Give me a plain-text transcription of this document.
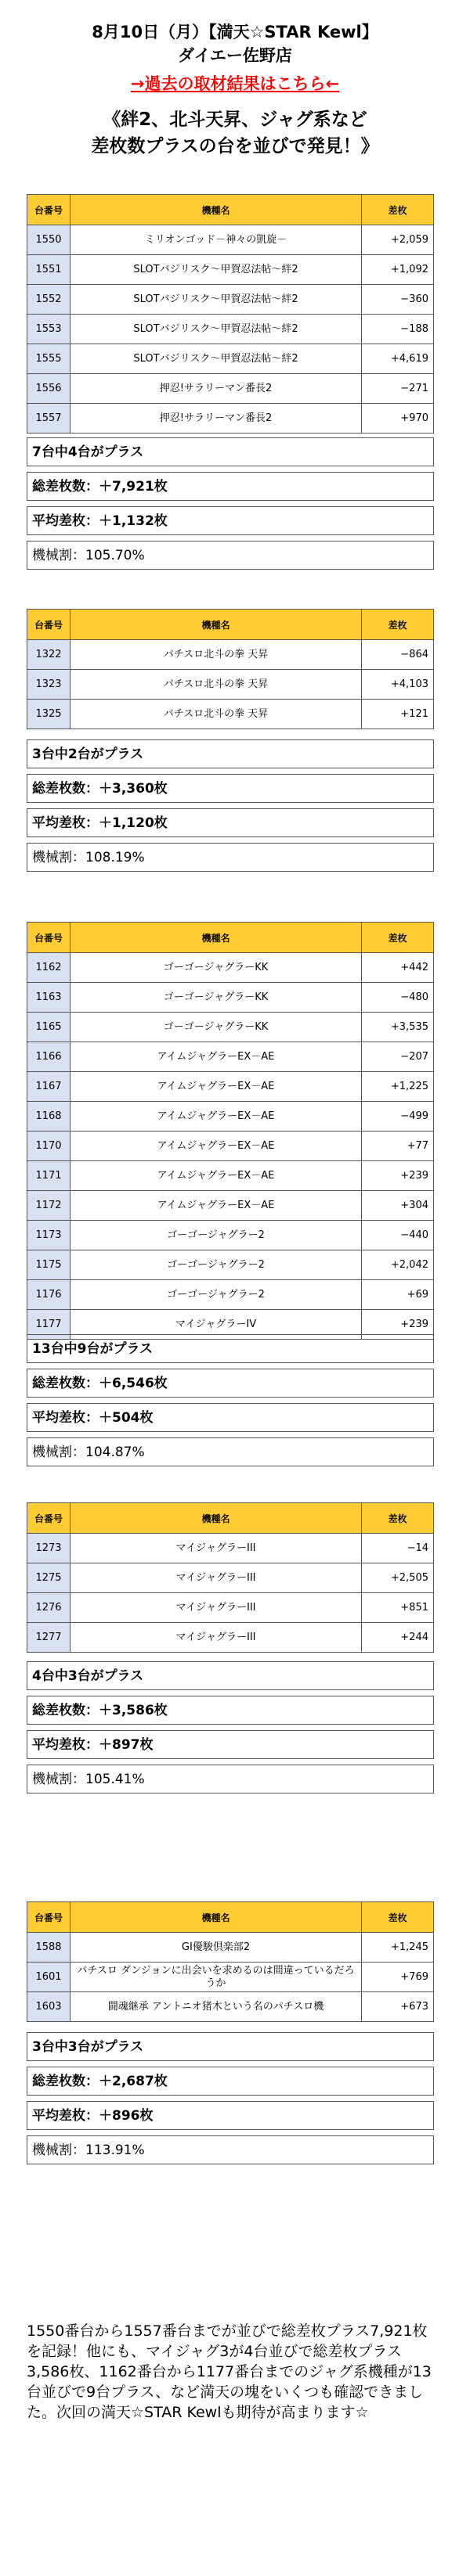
8月10日（月）【満天☆STAR Kewl】
ダイエー佐野店
→過去の取材結果はこちら←
《絆2、北斗天昇、ジャグ系など
差枚数プラスの台を並びで発見！》
台番号	機種名	差枚
1550	ミリオンゴッド－神々の凱旋－	+2,059
1551	SLOTバジリスク～甲賀忍法帖～絆2	+1,092
1552	SLOTバジリスク～甲賀忍法帖～絆2	−360
1553	SLOTバジリスク～甲賀忍法帖～絆2	−188
1555	SLOTバジリスク～甲賀忍法帖～絆2	+4,619
1556	押忍!サラリーマン番長2	−271
1557	押忍!サラリーマン番長2	+970
7台中4台がプラス
総差枚数：＋7,921枚
平均差枚：＋1,132枚
機械割：105.70%
台番号	機種名	差枚
1322	パチスロ北斗の拳 天昇	−864
1323	パチスロ北斗の拳 天昇	+4,103
1325	パチスロ北斗の拳 天昇	+121
3台中2台がプラス
総差枚数：＋3,360枚
平均差枚：＋1,120枚
機械割：108.19%
台番号	機種名	差枚
1162	ゴーゴージャグラーKK	+442
1163	ゴーゴージャグラーKK	−480
1165	ゴーゴージャグラーKK	+3,535
1166	アイムジャグラーEX－AE	−207
1167	アイムジャグラーEX－AE	+1,225
1168	アイムジャグラーEX－AE	−499
1170	アイムジャグラーEX－AE	+77
1171	アイムジャグラーEX－AE	+239
1172	アイムジャグラーEX－AE	+304
1173	ゴーゴージャグラー2	−440
1175	ゴーゴージャグラー2	+2,042
1176	ゴーゴージャグラー2	+69
1177	マイジャグラーIV	+239
13台中9台がプラス
総差枚数：＋6,546枚
平均差枚：＋504枚
機械割：104.87%
台番号	機種名	差枚
1273	マイジャグラーIII	−14
1275	マイジャグラーIII	+2,505
1276	マイジャグラーIII	+851
1277	マイジャグラーIII	+244
4台中3台がプラス
総差枚数：＋3,586枚
平均差枚：＋897枚
機械割：105.41%
台番号	機種名	差枚
1588	GI優駿倶楽部2	+1,245
1601	パチスロ ダンジョンに出会いを求めるのは間違っているだろうか	+769
1603	闘魂継承 アントニオ猪木という名のパチスロ機	+673
3台中3台がプラス
総差枚数：＋2,687枚
平均差枚：＋896枚
機械割：113.91%
1550番台から1557番台までが並びで総差枚プラス7,921枚を記録！他にも、マイジャグ3が4台並びで総差枚プラス3,586枚、1162番台から1177番台までのジャグ系機種が13台並びで9台プラス、など満天の塊をいくつも確認できました。次回の満天☆STAR Kewlも期待が高まります☆
